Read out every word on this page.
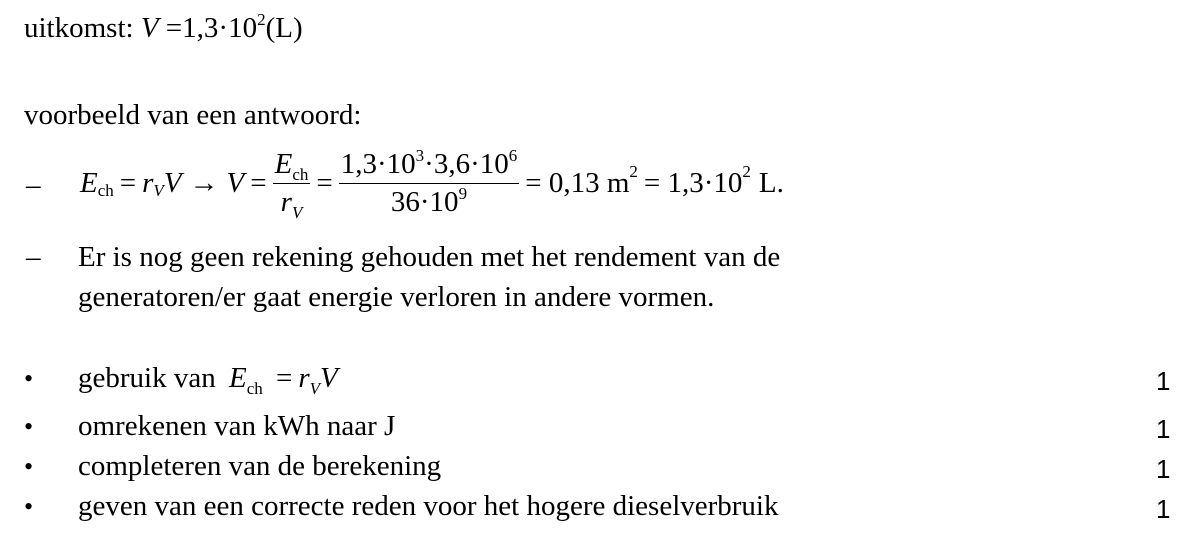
uitkomst: $V =1,3\cdot 10^2(L)$
voorbeeld van een antwoord:
– $E_{ch} = r_V$ $V \to V = \frac{E_{ch}}{r_V} = \frac{1,3\cdot 10^3\cdot 3,6\cdot 10^6}{36\cdot 10^9} = 0,13$ $m^2 = 1,3\cdot 10^2$ L.
– Er is nog geen rekening gehouden met het rendement van de
generatoren/er gaat energie verloren in andere vormen.
• gebruik van $E_{ch} = r_VV$	1
• omrekenen van kWh naar J	1
• completeren van de berekening	1
• geven van een correcte reden voor het hogere dieselverbruik	1
